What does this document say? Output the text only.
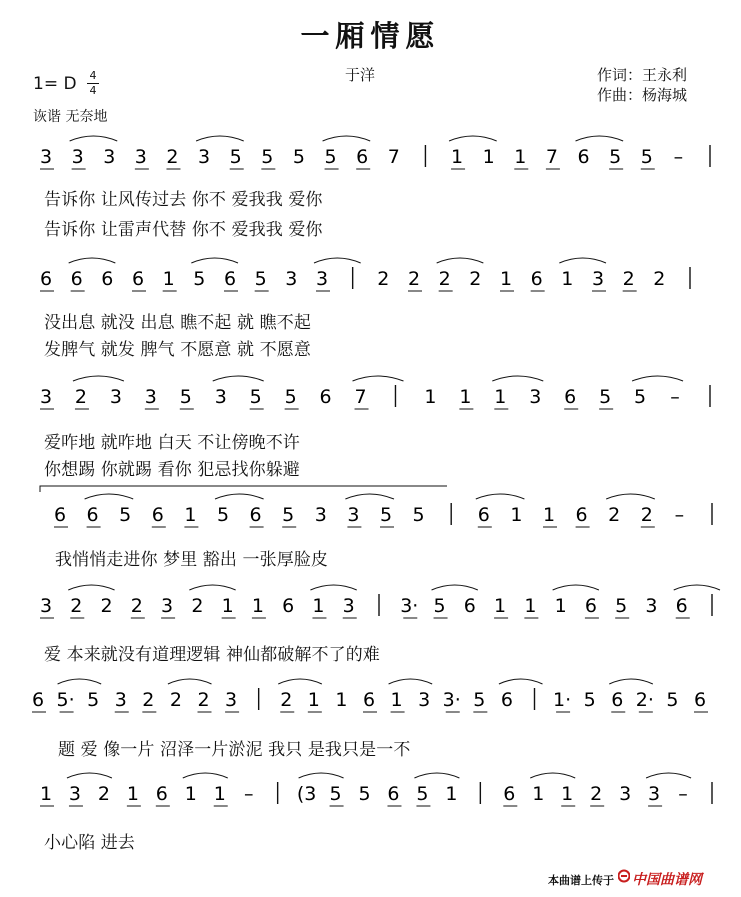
一厢情愿
于洋	作词：王永利
作曲：杨海城
1= D 4
4
诙谐 无奈地
3 3 3 3 2 3 5 5 5 5 6 7	1 1 1 7 6 5 5 –
6 6 6 6 1 5 6 5 3 3	2 2 2 2 1 6 1 3 2 2
3 2 3 3 5 3 5 5 6 7	1 1 1 3 6 5 5 –
6 6 5 6 1 5 6 5 3 3 5 5	6 1 1 6 2 2 –
3 2 2 2 3 2 1 1 6 1 3 3· 5 6 1 1 1 6 5 3 6
6 5· 5 3 2 2 2 3 2 1 1 6 1 3 3· 5 6 1· 5 6 2· 5 6
1 3 2 1 6 1 1 – (3 5 5 6 5 1 6 1 1 2 3 3 –
告诉你 让风传过去 你不 爱我我 爱你
告诉你 让雷声代替 你不 爱我我 爱你
没出息 就没 出息 瞧不起 就 瞧不起
发脾气 就发 脾气 不愿意 就 不愿意
爱咋地 就咋地 白天 不让傍晚不许
你想踢 你就踢 看你 犯忌找你躲避
我悄悄走进你 梦里 豁出 一张厚脸皮
爱 本来就没有道理逻辑 神仙都破解不了的难
题 爱 像一片 沼泽一片淤泥 我只 是我只是一不
小心陷 进去
本曲谱上传于 中国曲谱网
